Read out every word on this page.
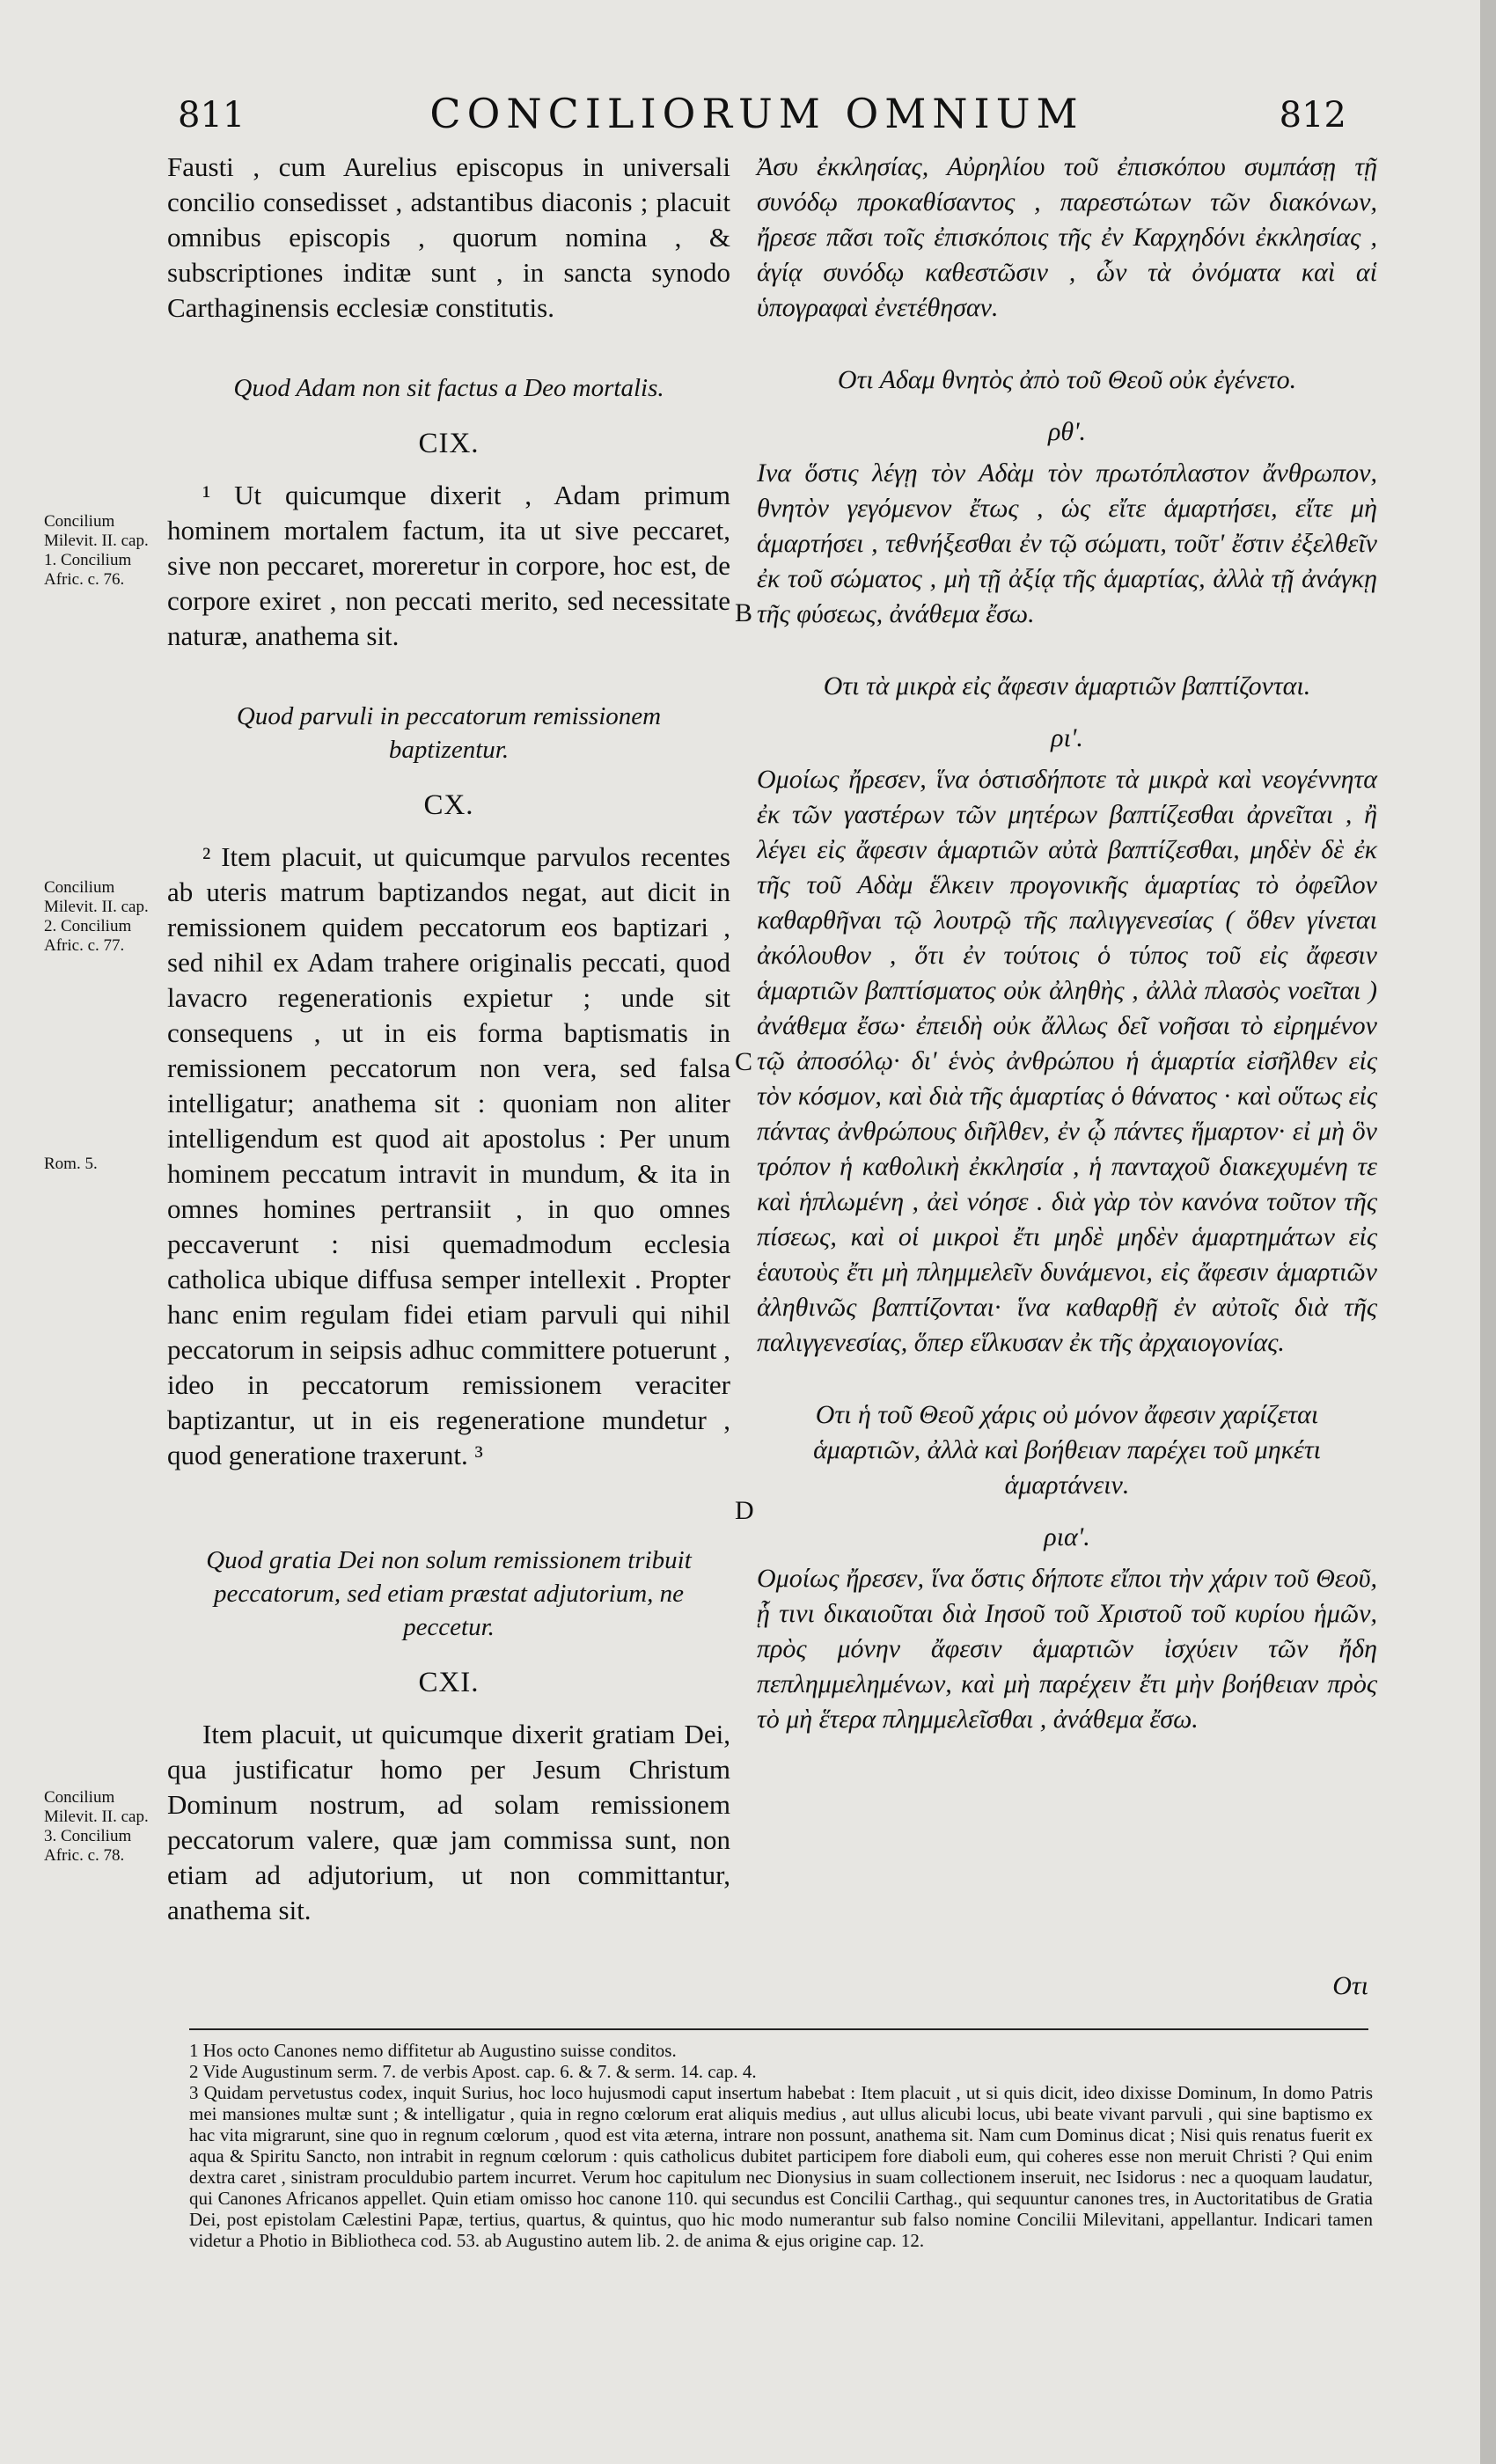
811	CONCILIORUM OMNIUM	812
Concilium Milevit. II. cap. 1. Concilium Afric. c. 76.
Concilium Milevit. II. cap. 2. Concilium Afric. c. 77.
Rom. 5.
Concilium Milevit. II. cap. 3. Concilium Afric. c. 78.
B
C
D

Fausti , cum Aurelius episcopus in universali concilio consedisset , adstantibus diaconis ; placuit omnibus episcopis , quorum nomina , & subscriptiones inditæ sunt , in sancta synodo Carthaginensis ecclesiæ constitutis.

Quod Adam non sit factus a Deo mortalis.
CIX.

¹ Ut quicumque dixerit , Adam primum hominem mortalem factum, ita ut sive peccaret, sive non peccaret, moreretur in corpore, hoc est, de corpore exiret , non peccati merito, sed necessitate naturæ, anathema sit.

Quod parvuli in peccatorum remissionem baptizentur.
CX.

² Item placuit, ut quicumque parvulos recentes ab uteris matrum baptizandos negat, aut dicit in remissionem quidem peccatorum eos baptizari , sed nihil ex Adam trahere originalis peccati, quod lavacro regenerationis expietur ; unde sit consequens , ut in eis forma baptismatis in remissionem peccatorum non vera, sed falsa intelligatur; anathema sit : quoniam non aliter intelligendum est quod ait apostolus : Per unum hominem peccatum intravit in mundum, & ita in omnes homines pertransiit , in quo omnes peccaverunt : nisi quemadmodum ecclesia catholica ubique diffusa semper intellexit . Propter hanc enim regulam fidei etiam parvuli qui nihil peccatorum in seipsis adhuc committere potuerunt , ideo in peccatorum remissionem veraciter baptizantur, ut in eis regeneratione mundetur , quod generatione traxerunt. ³

Quod gratia Dei non solum remissionem tribuit peccatorum, sed etiam præstat adjutorium, ne peccetur.
CXI.

Item placuit, ut quicumque dixerit gratiam Dei, qua justificatur homo per Jesum Christum Dominum nostrum, ad solam remissionem peccatorum valere, quæ jam commissa sunt, non etiam ad adjutorium, ut non committantur, anathema sit.

Ἀσυ ἐκκλησίας, Αὐρηλίου τοῦ ἐπισκόπου συμπάσῃ τῇ συνόδῳ προκαθίσαντος , παρεστώτων τῶν διακόνων, ἤρεσε πᾶσι τοῖς ἐπισκόποις τῆς ἐν Καρχηδόνι ἐκκλησίας , ἁγίᾳ συνόδῳ καθεστῶσιν , ὧν τὰ ὀνόματα καὶ αἱ ὑπογραφαὶ ἐνετέθησαν.

Οτι Αδαμ θνητὸς ἀπὸ τοῦ Θεοῦ οὐκ ἐγένετο.
ρθ'.

Ινα ὅστις λέγῃ τὸν Αδὰμ τὸν πρωτόπλαστον ἄνθρωπον, θνητὸν γεγόμενον ἔτως , ὡς εἴτε ἁμαρτήσει, εἴτε μὴ ἁμαρτήσει , τεθνήξεσθαι ἐν τῷ σώματι, τοῦτ' ἔστιν ἐξελθεῖν ἐκ τοῦ σώματος , μὴ τῇ ἀξίᾳ τῆς ἁμαρτίας, ἀλλὰ τῇ ἀνάγκῃ τῆς φύσεως, ἀνάθεμα ἔσω.

Οτι τὰ μικρὰ εἰς ἄφεσιν ἁμαρτιῶν βαπτίζονται.
ρι'.

Ομοίως ἤρεσεν, ἵνα ὁστισδήποτε τὰ μικρὰ καὶ νεογέννητα ἐκ τῶν γαστέρων τῶν μητέρων βαπτίζεσθαι ἀρνεῖται , ἢ λέγει εἰς ἄφεσιν ἁμαρτιῶν αὐτὰ βαπτίζεσθαι, μηδὲν δὲ ἐκ τῆς τοῦ Αδὰμ ἕλκειν προγονικῆς ἁμαρτίας τὸ ὀφεῖλον καθαρθῆναι τῷ λουτρῷ τῆς παλιγγενεσίας ( ὅθεν γίνεται ἀκόλουθον , ὅτι ἐν τούτοις ὁ τύπος τοῦ εἰς ἄφεσιν ἁμαρτιῶν βαπτίσματος οὐκ ἀληθὴς , ἀλλὰ πλασὸς νοεῖται ) ἀνάθεμα ἔσω· ἐπειδὴ οὐκ ἄλλως δεῖ νοῆσαι τὸ εἰρημένον τῷ ἀποσόλῳ· δι' ἑνὸς ἀνθρώπου ἡ ἁμαρτία εἰσῆλθεν εἰς τὸν κόσμον, καὶ διὰ τῆς ἁμαρτίας ὁ θάνατος · καὶ οὕτως εἰς πάντας ἀνθρώπους διῆλθεν, ἐν ᾧ πάντες ἥμαρτον· εἰ μὴ ὃν τρόπον ἡ καθολικὴ ἐκκλησία , ἡ πανταχοῦ διακεχυμένη τε καὶ ἡπλωμένη , ἀεὶ νόησε . διὰ γὰρ τὸν κανόνα τοῦτον τῆς πίσεως, καὶ οἱ μικροὶ ἔτι μηδὲ μηδὲν ἁμαρτημάτων εἰς ἑαυτοὺς ἔτι μὴ πλημμελεῖν δυνάμενοι, εἰς ἄφεσιν ἁμαρτιῶν ἀληθινῶς βαπτίζονται· ἵνα καθαρθῇ ἐν αὐτοῖς διὰ τῆς παλιγγενεσίας, ὅπερ εἵλκυσαν ἐκ τῆς ἀρχαιογονίας.

Οτι ἡ τοῦ Θεοῦ χάρις οὐ μόνον ἄφεσιν χαρίζεται ἁμαρτιῶν, ἀλλὰ καὶ βοήθειαν παρέχει τοῦ μηκέτι ἁμαρτάνειν.
ρια'.

Ομοίως ἤρεσεν, ἵνα ὅστις δήποτε εἴποι τὴν χάριν τοῦ Θεοῦ, ᾗ τινι δικαιοῦται διὰ Ιησοῦ τοῦ Χριστοῦ τοῦ κυρίου ἡμῶν, πρὸς μόνην ἄφεσιν ἁμαρτιῶν ἰσχύειν τῶν ἤδη πεπλημμελημένων, καὶ μὴ παρέχειν ἔτι μὴν βοήθειαν πρὸς τὸ μὴ ἕτερα πλημμελεῖσθαι , ἀνάθεμα ἔσω.

Οτι

1 Hos octo Canones nemo diffitetur ab Augustino suisse conditos.

2 Vide Augustinum serm. 7. de verbis Apost. cap. 6. & 7. & serm. 14. cap. 4.

3 Quidam pervetustus codex, inquit Surius, hoc loco hujusmodi caput insertum habebat : Item placuit , ut si quis dicit, ideo dixisse Dominum, In domo Patris mei mansiones multæ sunt ; & intelligatur , quia in regno cœlorum erat aliquis medius , aut ullus alicubi locus, ubi beate vivant parvuli , qui sine baptismo ex hac vita migrarunt, sine quo in regnum cœlorum , quod est vita æterna, intrare non possunt, anathema sit. Nam cum Dominus dicat ; Nisi quis renatus fuerit ex aqua & Spiritu Sancto, non intrabit in regnum cœlorum : quis catholicus dubitet participem fore diaboli eum, qui coheres esse non meruit Christi ? Qui enim dextra caret , sinistram proculdubio partem incurret. Verum hoc capitulum nec Dionysius in suam collectionem inseruit, nec Isidorus : nec a quoquam laudatur, qui Canones Africanos appellet. Quin etiam omisso hoc canone 110. qui secundus est Concilii Carthag., qui sequuntur canones tres, in Auctoritatibus de Gratia Dei, post epistolam Cælestini Papæ, tertius, quartus, & quintus, quo hic modo numerantur sub falso nomine Concilii Milevitani, appellantur. Indicari tamen videtur a Photio in Bibliotheca cod. 53. ab Augustino autem lib. 2. de anima & ejus origine cap. 12.
